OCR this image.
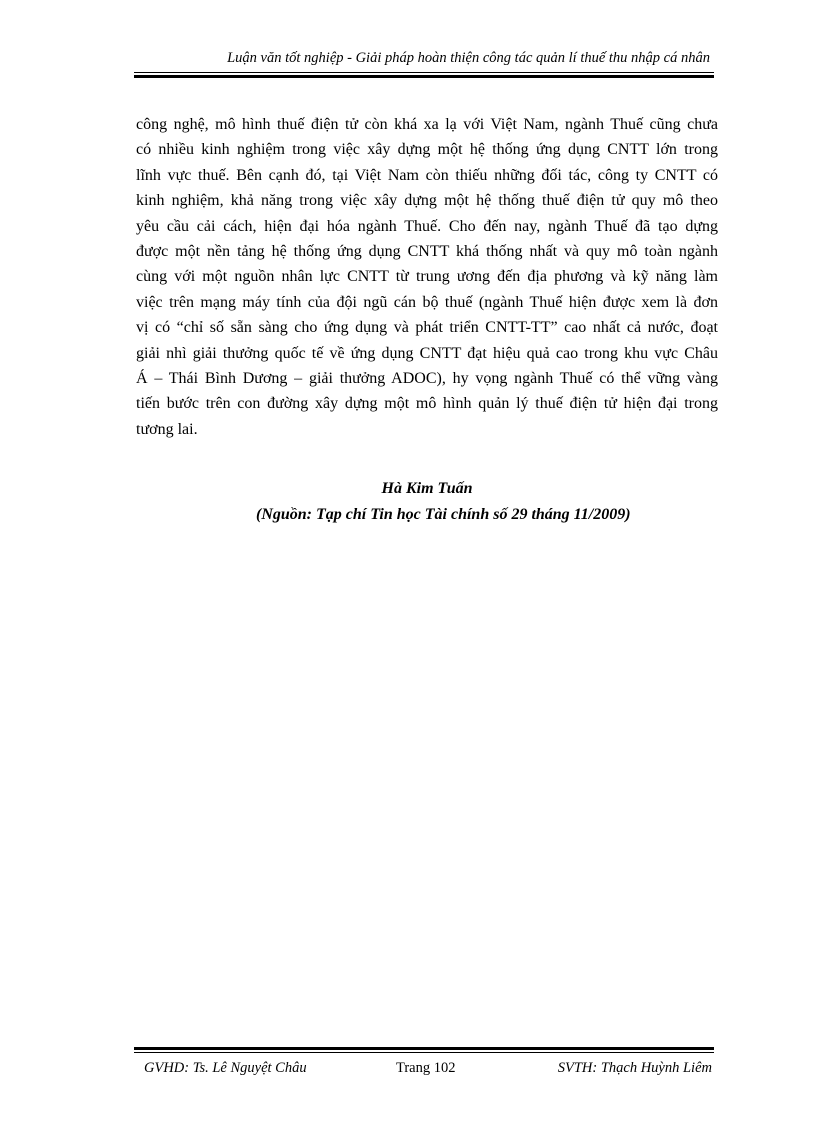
Luận văn tốt nghiệp - Giải pháp hoàn thiện công tác quản lí thuế thu nhập cá nhân
công nghệ, mô hình thuế điện tử còn khá xa lạ với Việt Nam, ngành Thuế cũng chưa
có nhiều kinh nghiệm trong việc xây dựng một hệ thống ứng dụng CNTT lớn trong
lĩnh vực thuế. Bên cạnh đó, tại Việt Nam còn thiếu những đối tác, công ty CNTT có
kinh nghiệm, khả năng trong việc xây dựng một hệ thống thuế điện tử quy mô theo
yêu cầu cải cách, hiện đại hóa ngành Thuế. Cho đến nay, ngành Thuế đã tạo dựng
được một nền tảng hệ thống ứng dụng CNTT khá thống nhất và quy mô toàn ngành
cùng với một nguồn nhân lực CNTT từ trung ương đến địa phương và kỹ năng làm
việc trên mạng máy tính của đội ngũ cán bộ thuế (ngành Thuế hiện được xem là đơn
vị có “chỉ số sẵn sàng cho ứng dụng và phát triển CNTT-TT” cao nhất cả nước, đoạt
giải nhì giải thưởng quốc tế về ứng dụng CNTT đạt hiệu quả cao trong khu vực Châu
Á – Thái Bình Dương – giải thưởng ADOC), hy vọng ngành Thuế có thể vững vàng
tiến bước trên con đường xây dựng một mô hình quản lý thuế điện tử hiện đại trong
tương lai.
Hà Kim Tuấn
(Nguồn: Tạp chí Tin học Tài chính số 29 tháng 11/2009)
GVHD: Ts. Lê Nguyệt Châu	Trang 102	SVTH: Thạch Huỳnh Liêm
